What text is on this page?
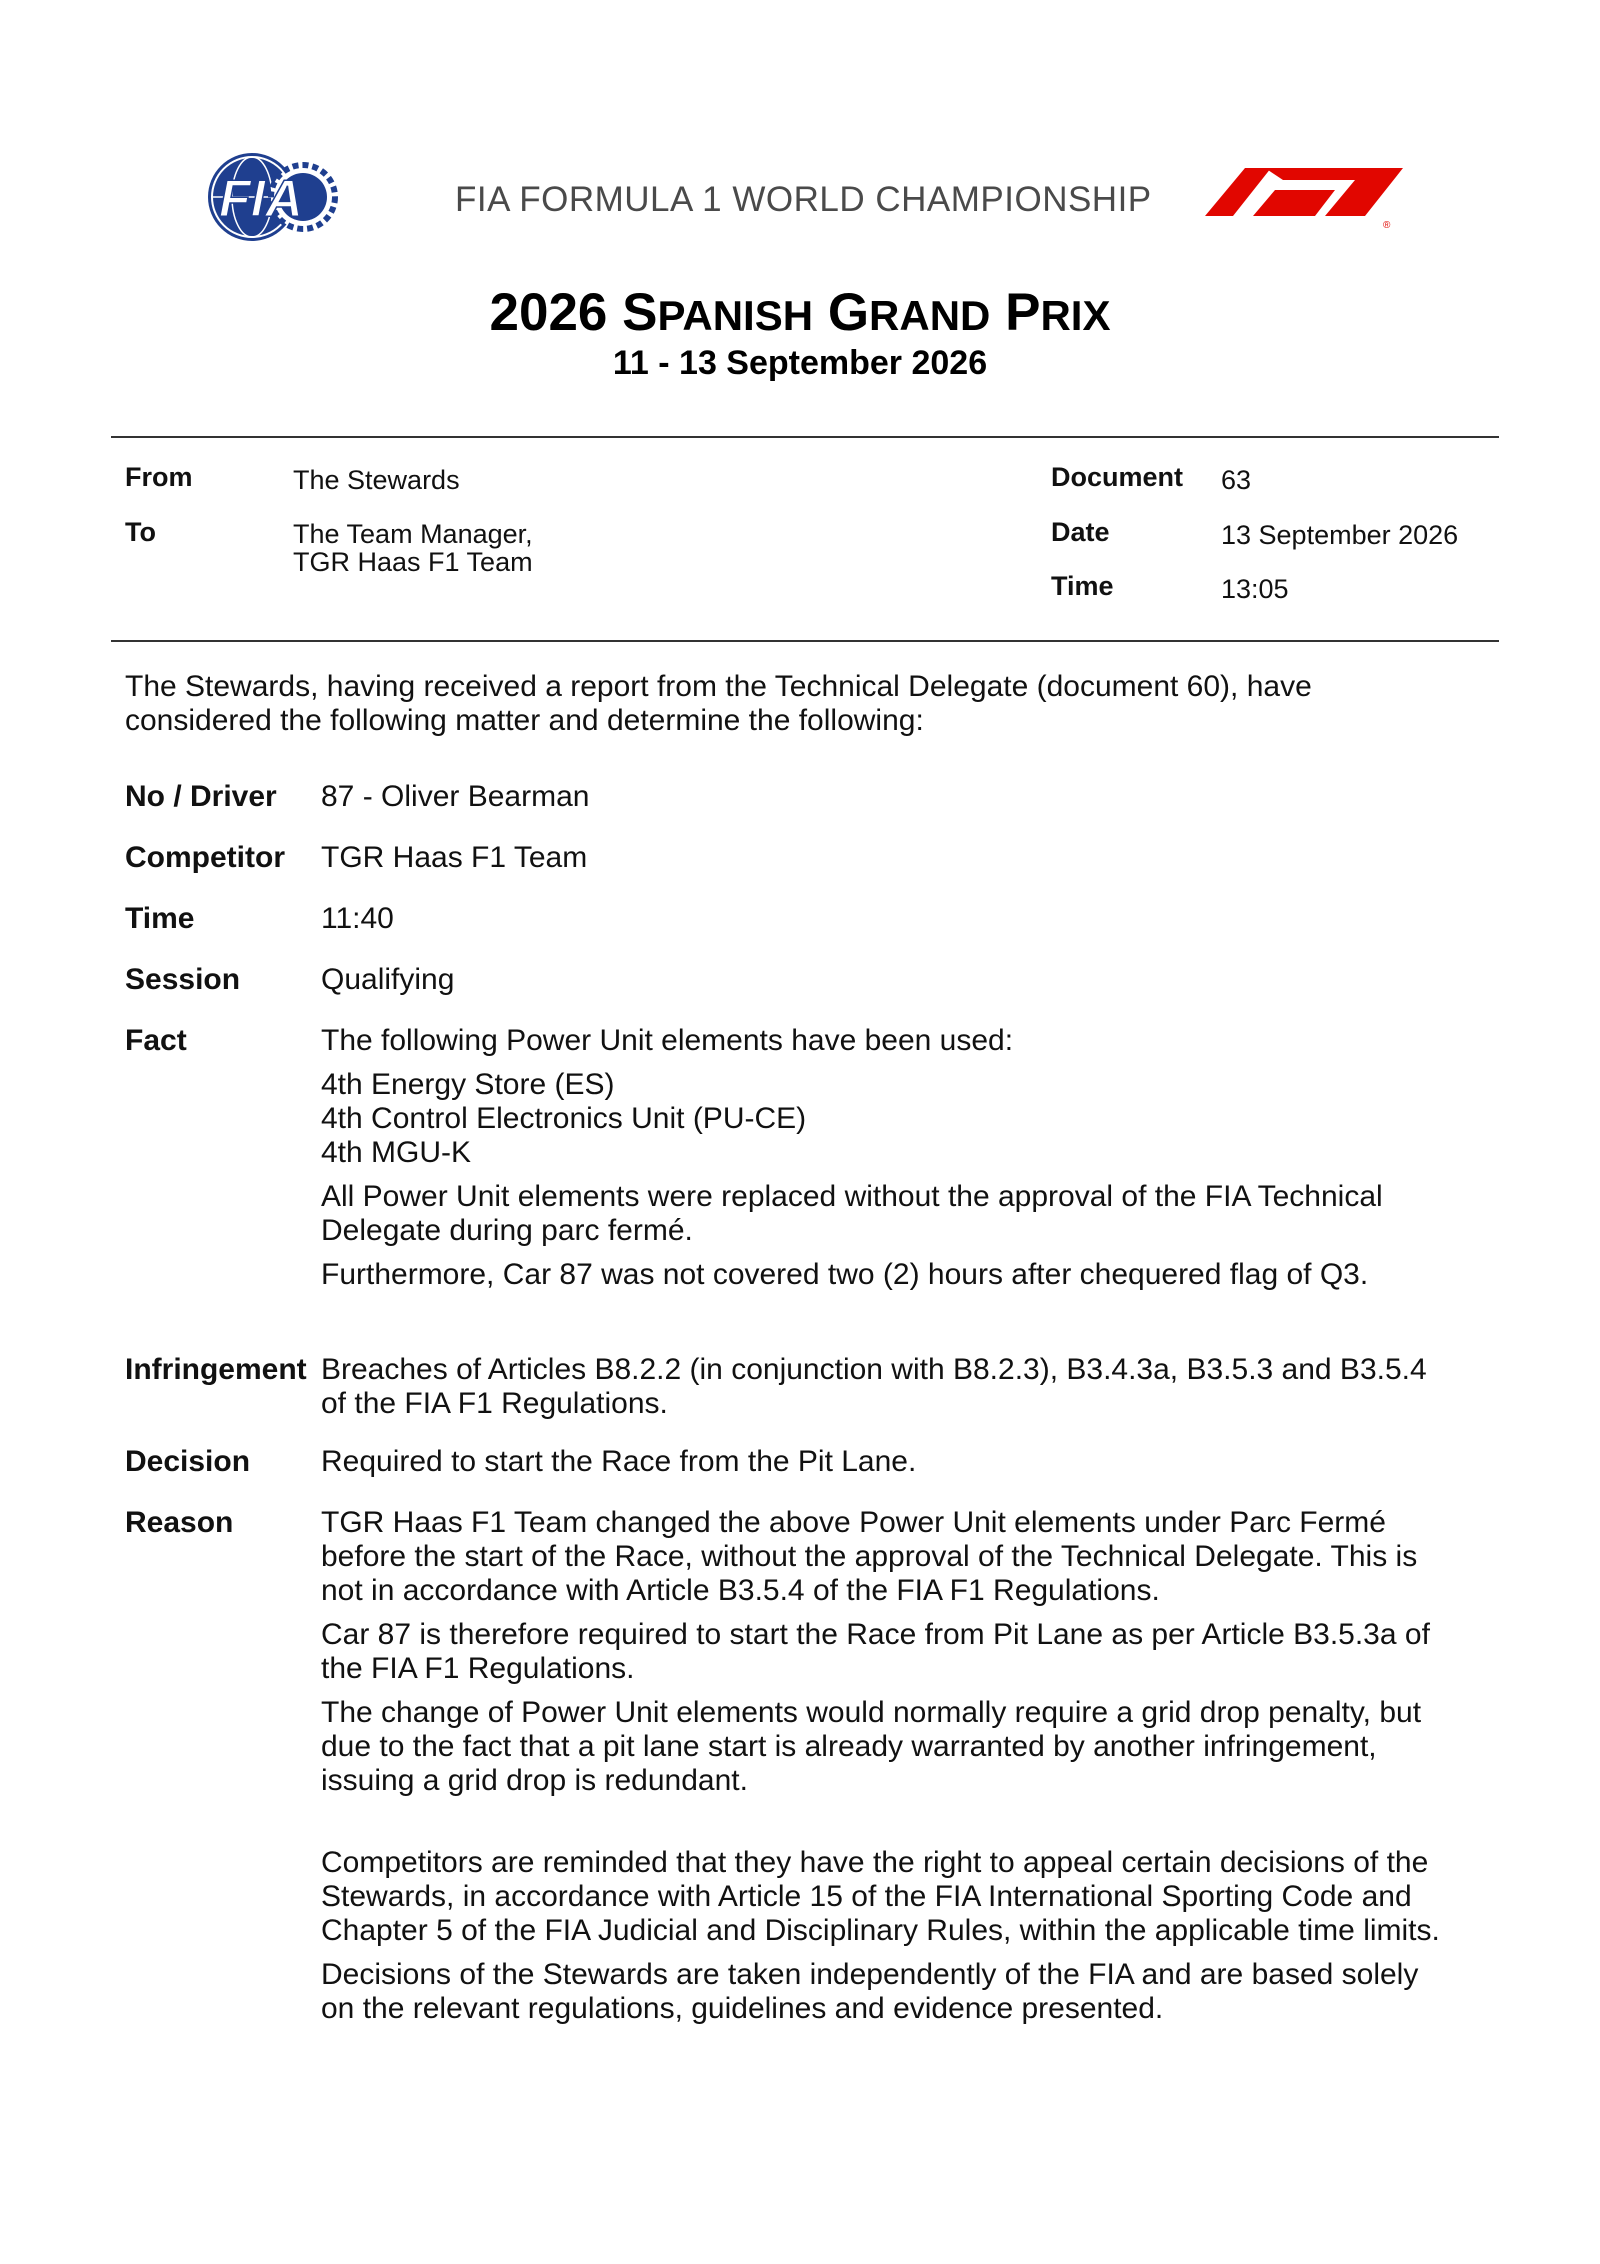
FIA	FIA FORMULA 1 WORLD CHAMPIONSHIP
®
2026 SPANISH GRAND PRIX
11 - 13 September 2026
From	The Stewards
To	The Team Manager,
TGR Haas F1 Team
Document 63
Date	13 September 2026
Time	13:05
The Stewards, having received a report from the Technical Delegate (document 60), have
considered the following matter and determine the following:
No / Driver 87 - Oliver Bearman
Competitor TGR Haas F1 Team
Time	11:40
Session	Qualifying
Fact	The following Power Unit elements have been used:

4th Energy Store (ES)
4th Control Electronics Unit (PU-CE)
4th MGU-K

All Power Unit elements were replaced without the approval of the FIA Technical
Delegate during parc fermé.

Furthermore, Car 87 was not covered two (2) hours after chequered flag of Q3.

Infringement Breaches of Articles B8.2.2 (in conjunction with B8.2.3), B3.4.3a, B3.5.3 and B3.5.4
of the FIA F1 Regulations.
Decision Required to start the Race from the Pit Lane.
Reason	TGR Haas F1 Team changed the above Power Unit elements under Parc Fermé
before the start of the Race, without the approval of the Technical Delegate. This is
not in accordance with Article B3.5.4 of the FIA F1 Regulations.

Car 87 is therefore required to start the Race from Pit Lane as per Article B3.5.3a of
the FIA F1 Regulations.

The change of Power Unit elements would normally require a grid drop penalty, but
due to the fact that a pit lane start is already warranted by another infringement,
issuing a grid drop is redundant.

Competitors are reminded that they have the right to appeal certain decisions of the
Stewards, in accordance with Article 15 of the FIA International Sporting Code and
Chapter 5 of the FIA Judicial and Disciplinary Rules, within the applicable time limits.

Decisions of the Stewards are taken independently of the FIA and are based solely
on the relevant regulations, guidelines and evidence presented.
